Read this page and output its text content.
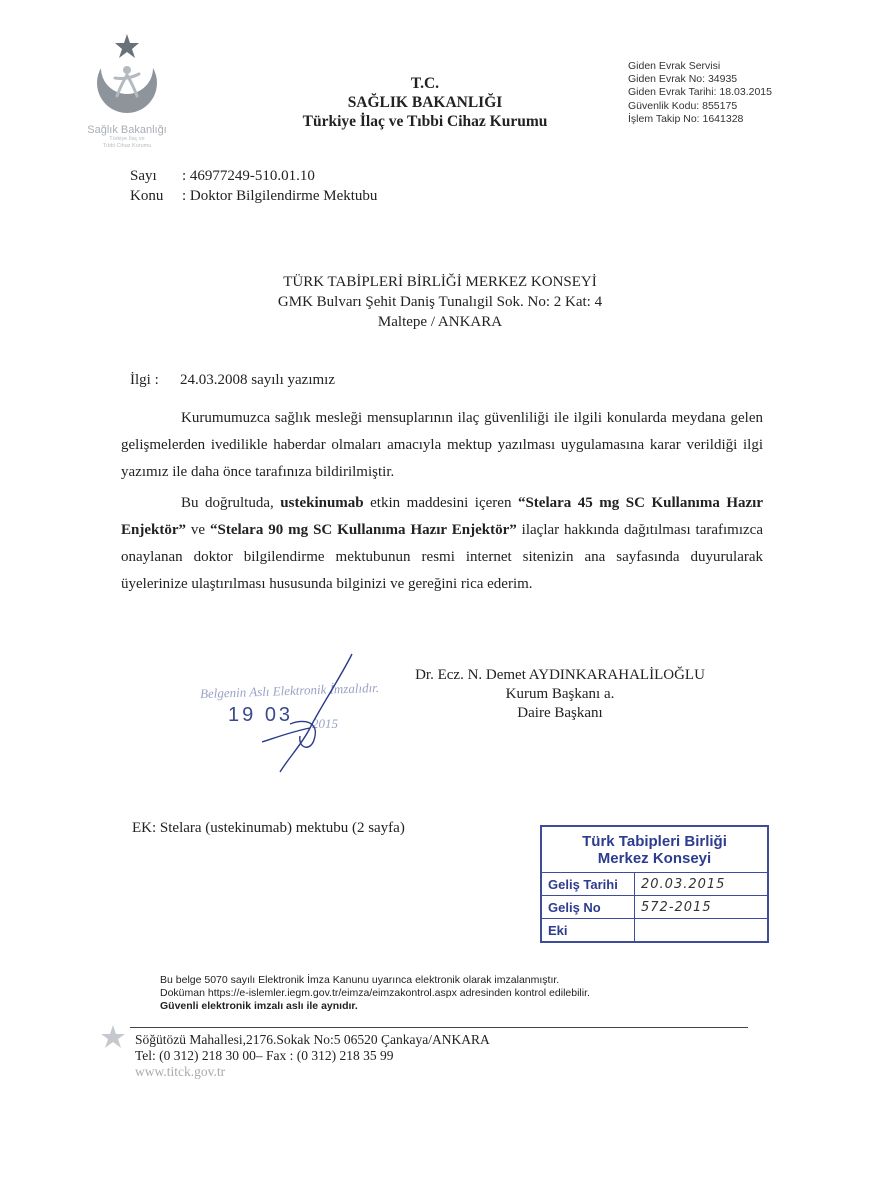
Sağlık Bakanlığı
Türkiye İlaç ve
Tıbbi Cihaz Kurumu
T.C.
SAĞLIK BAKANLIĞI
Türkiye İlaç ve Tıbbi Cihaz Kurumu
Giden Evrak Servisi
Giden Evrak No: 34935
Giden Evrak Tarihi: 18.03.2015
Güvenlik Kodu: 855175
İşlem Takip No: 1641328
Sayı : 46977249-510.01.10
Konu : Doktor Bilgilendirme Mektubu
TÜRK TABİPLERİ BİRLİĞİ MERKEZ KONSEYİ
GMK Bulvarı Şehit Daniş Tunalıgil Sok. No: 2 Kat: 4
Maltepe / ANKARA
İlgi : 24.03.2008 sayılı yazımız

Kurumumuzca sağlık mesleği mensuplarının ilaç güvenliliği ile ilgili konularda meydana gelen gelişmelerden ivedilikle haberdar olmaları amacıyla mektup yazılması uygulamasına karar verildiği ilgi yazımız ile daha önce tarafınıza bildirilmiştir.

Bu doğrultuda, ustekinumab etkin maddesini içeren “Stelara 45 mg SC Kullanıma Hazır Enjektör” ve “Stelara 90 mg SC Kullanıma Hazır Enjektör” ilaçlar hakkında dağıtılması tarafımızca onaylanan doktor bilgilendirme mektubunun resmi internet sitenizin ana sayfasında duyurularak üyelerinize ulaştırılması hususunda bilginizi ve gereğini rica ederim.

Belgenin Aslı Elektronik İmzalıdır.
19 03 2015
Dr. Ecz. N. Demet AYDINKARAHALİLOĞLU
Kurum Başkanı a.
Daire Başkanı
EK: Stelara (ustekinumab) mektubu (2 sayfa)
Türk Tabipleri Birliği
Merkez Konseyi
Geliş Tarihi	20.03.2015
Geliş No	572-2015
Eki	
Bu belge 5070 sayılı Elektronik İmza Kanunu uyarınca elektronik olarak imzalanmıştır.
Doküman https://e-islemler.iegm.gov.tr/eimza/eimzakontrol.aspx adresinden kontrol edilebilir.
Güvenli elektronik imzalı aslı ile aynıdır.
Söğütözü Mahallesi,2176.Sokak No:5 06520 Çankaya/ANKARA
Tel: (0 312) 218 30 00– Fax : (0 312) 218 35 99
www.titck.gov.tr
